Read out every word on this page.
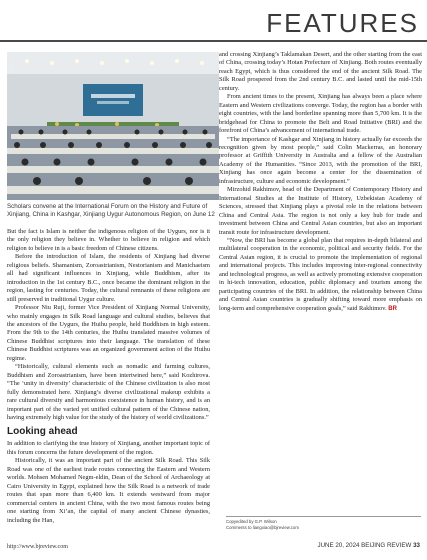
FEATURES
XINHUA
Scholars convene at the International Forum on the History and Future of Xinjiang, China in Kashgar, Xinjiang Uygur Autonomous Region, on June 12

But the fact is Islam is neither the indigenous religion of the Uygurs, nor is it the only religion they believe in. Whether to believe in religion and which religion to believe in is a basic freedom of Chinese citizens.

Before the introduction of Islam, the residents of Xinjiang had diverse religious beliefs. Shamanism, Zoroastrianism, Nestorianism and Manichaeism all had significant influences in Xinjiang, while Buddhism, after its introduction in the 1st century B.C., once became the dominant religion in the region, lasting for centuries. Today, the cultural remnants of these religions are still preserved in traditional Uygur culture.

Professor Niu Ruji, former Vice President of Xinjiang Normal University, who mainly engages in Silk Road language and cultural studies, believes that the ancestors of the Uygurs, the Huihu people, held Buddhism in high esteem. From the 9th to the 14th centuries, the Huihu translated massive volumes of Chinese Buddhist scriptures into their language. The translation of these Chinese Buddhist scriptures was an organized government action of the Huihu regime.

“Historically, cultural elements such as nomadic and farming cultures, Buddhism and Zoroastrianism, have been intertwined here,” said Kozhirova. “The ‘unity in diversity’ characteristic of the Chinese civilization is also most fully demonstrated here. Xinjiang’s diverse civilizational makeup exhibits a rare cultural diversity and harmonious coexistence in human history, and is an important part of the varied yet unified cultural pattern of the Chinese nation, having extremely high value for the study of the history of world civilizations.”

Looking ahead

In addition to clarifying the true history of Xinjiang, another important topic of this forum concerns the future development of the region.

Historically, it was an important part of the ancient Silk Road. This Silk Road was one of the earliest trade routes connecting the Eastern and Western worlds. Mohsen Mohamed Negm-eldin, Dean of the School of Archaeology at Cairo University in Egypt, explained how the Silk Road is a network of trade routes that span more than 6,400 km. It extends westward from major commercial centers in ancient China, with the two most famous routes being one starting from Xi’an, the capital of many ancient Chinese dynasties, including the Han,

and crossing Xinjiang’s Taklamakan Desert, and the other starting from the east of China, crossing today’s Hotan Prefecture of Xinjiang. Both routes eventually reach Egypt, which is thus considered the end of the ancient Silk Road. The Silk Road prospered from the 2nd century B.C. and lasted until the mid-15th century.

From ancient times to the present, Xinjiang has always been a place where Eastern and Western civilizations converge. Today, the region has a border with eight countries, with the land borderline spanning more than 5,700 km. It is the bridgehead for China to promote the Belt and Road Initiative (BRI) and the forefront of China’s advancement of international trade.

“The importance of Kashgar and Xinjiang in history actually far exceeds the recognition given by most people,” said Colin Mackerras, an honorary professor at Griffith University in Australia and a fellow of the Australian Academy of the Humanities. “Since 2013, with the promotion of the BRI, Xinjiang has once again become a center for the dissemination of infrastructure, culture and economic development.”

Mirzohid Rakhimov, head of the Department of Contemporary History and International Studies at the Institute of History, Uzbekistan Academy of Sciences, stressed that Xinjiang plays a pivotal role in the relations between China and Central Asia. The region is not only a key hub for trade and investment between China and Central Asian countries, but also an important transit route for infrastructure development.

“Now, the BRI has become a global plan that requires in-depth bilateral and multilateral cooperation in the economic, political and security fields. For the Central Asian region, it is crucial to promote the implementation of regional and international projects. This includes improving inter-regional connectivity and technological progress, as well as actively promoting extensive cooperation in hi-tech innovation, education, public diplomacy and tourism among the participating countries of the BRI. In addition, the relationship between China and Central Asian countries is gradually shifting toward more emphasis on long-term and comprehensive cooperation goals,” said Rakhimov. BR

Copyedited by G.P. Wilson
Comments to liangxiao@bjreview.com
http://www.bjreview.com	JUNE 20, 2024 BEIJING REVIEW 33
